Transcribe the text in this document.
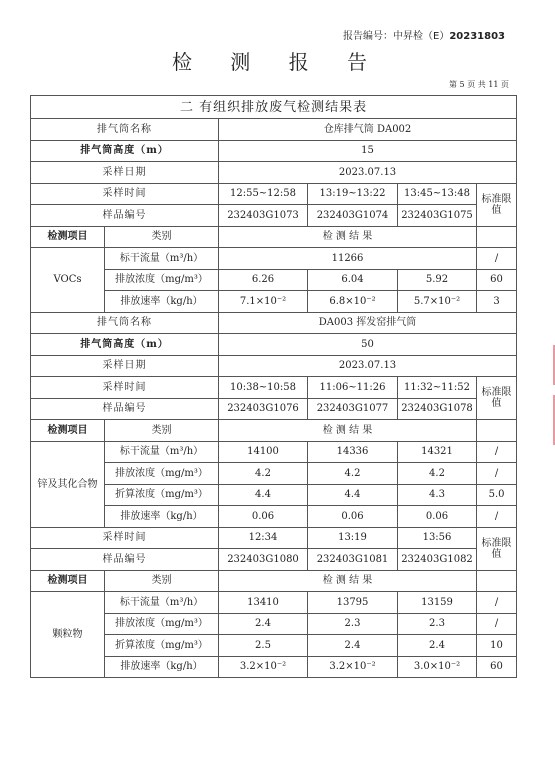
报告编号：中昇检（E）20231803
检 测 报 告
第 5 页 共 11 页
二 有组织排放废气检测结果表					
排气筒名称		仓库排气筒 DA002			
排气筒高度（m）		15			
采样日期		2023.07.13			
采样时间		12:55~12:58	13:19~13:22	13:45~13:48	标准限值
样品编号		232403G1073	232403G1074	232403G1075	
检测项目	类别	检 测 结 果			
VOCs	标干流量（m³/h）	11266			/
	排放浓度（mg/m³）	6.26	6.04	5.92	60
	排放速率（kg/h）	7.1×10⁻²	6.8×10⁻²	5.7×10⁻²	3
排气筒名称		DA003 挥发窑排气筒			
排气筒高度（m）		50			
采样日期		2023.07.13			
采样时间		10:38~10:58	11:06~11:26	11:32~11:52	标准限值
样品编号		232403G1076	232403G1077	232403G1078	
检测项目	类别	检 测 结 果			
锌及其化合物	标干流量（m³/h）	14100	14336	14321	/
	排放浓度（mg/m³）	4.2	4.2	4.2	/
	折算浓度（mg/m³）	4.4	4.4	4.3	5.0
	排放速率（kg/h）	0.06	0.06	0.06	/
采样时间		12:34	13:19	13:56	标准限值
样品编号		232403G1080	232403G1081	232403G1082	
检测项目	类别	检 测 结 果			
颗粒物	标干流量（m³/h）	13410	13795	13159	/
	排放浓度（mg/m³）	2.4	2.3	2.3	/
	折算浓度（mg/m³）	2.5	2.4	2.4	10
	排放速率（kg/h）	3.2×10⁻²	3.2×10⁻²	3.0×10⁻²	60
